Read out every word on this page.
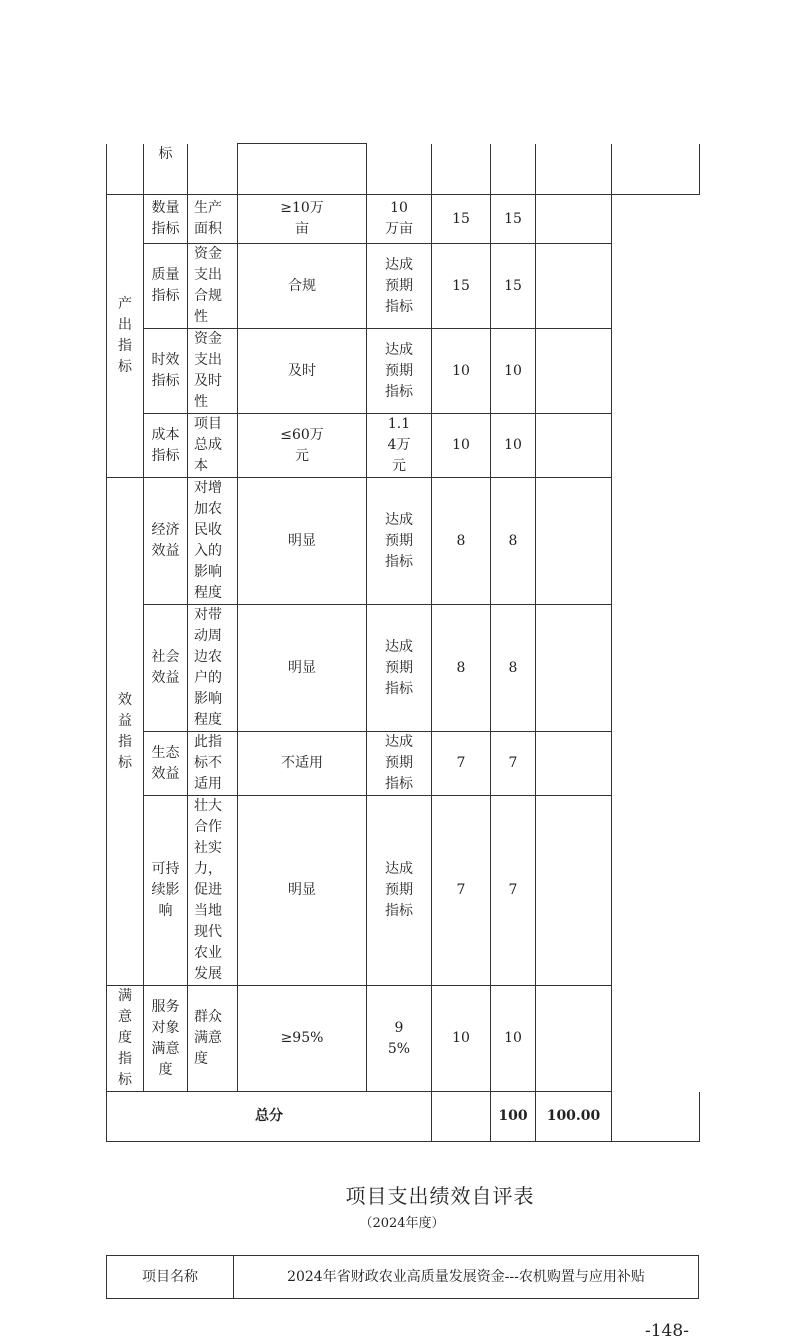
	标							
产出指标	数量指标	生产面积	≥10万亩	10万亩	15	15		
	质量指标	资金支出合规性	合规	达成预期指标	15	15		
	时效指标	资金支出及时性	及时	达成预期指标	10	10		
	成本指标	项目总成本	≤60万元	1.14万元	10	10		
效益指标	经济效益	对增加农民收入的影响程度	明显	达成预期指标	8	8		
	社会效益	对带动周边农户的影响程度	明显	达成预期指标	8	8		
	生态效益	此指标不适用	不适用	达成预期指标	7	7		
	可持续影响	壮大合作社实力，促进当地现代农业发展	明显	达成预期指标	7	7		
满意度指标	服务对象满意度	群众满意度	≥95%	95%	10	10		
总分						100	100.00	
项目支出绩效自评表
（2024年度）
项目名称	2024年省财政农业高质量发展资金---农机购置与应用补贴
-148-
